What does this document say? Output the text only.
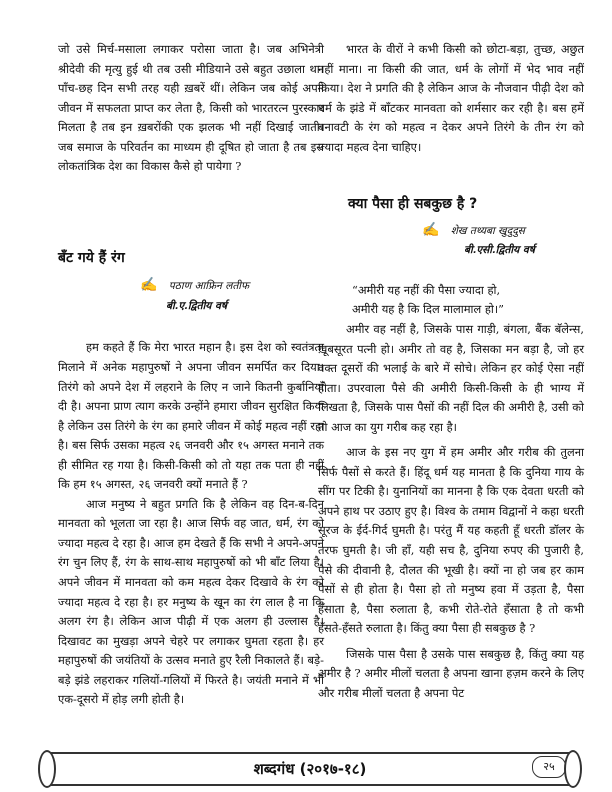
जो उसे मिर्च-मसाला लगाकर परोसा जाता है। जब अभिनेत्री श्रीदेवी की मृत्यु हुई थी तब उसी मीडियाने उसे बहुत उछाला था। पाँच-छह दिन सभी तरह यही ख़बरें थीं। लेकिन जब कोई अपने जीवन में सफलता प्राप्त कर लेता है, किसी को भारतरत्न पुरस्कार मिलता है तब इन ख़बरोंकी एक झलक भी नहीं दिखाई जाती। जब समाज के परिवर्तन का माध्यम ही दूषित हो जाता है तब इस लोकतांत्रिक देश का विकास कैसे हो पायेगा ?

बँट गये हैं रंग

✍ पठाण आफ्रिन लतीफ

बी.ए.द्वितीय वर्ष

हम कहते हैं कि मेरा भारत महान है। इस देश को स्वतंत्रता मिलाने में अनेक महापुरुषों ने अपना जीवन समर्पित कर दिया। तिरंगे को अपने देश में लहराने के लिए न जाने कितनी कुर्बानियाँ दी है। अपना प्राण त्याग करके उन्होंने हमारा जीवन सुरक्षित किया है लेकिन उस तिरंगे के रंग का हमारे जीवन में कोई महत्व नहीं रहा है। बस सिर्फ उसका महत्व २६ जनवरी और १५ अगस्त मनाने तक ही सीमित रह गया है। किसी-किसी को तो यहा तक पता ही नहीं कि हम १५ अगस्त, २६ जनवरी क्यों मनाते हैं ?

आज मनुष्य ने बहुत प्रगति कि है लेकिन वह दिन-ब-दिन मानवता को भूलता जा रहा है। आज सिर्फ वह जात, धर्म, रंग को ज्यादा महत्व दे रहा है। आज हम देखते हैं कि सभी ने अपने-अपने रंग चुन लिए हैं, रंग के साथ-साथ महापुरुषों को भी बाँट लिया है। अपने जीवन में मानवता को कम महत्व देकर दिखावे के रंग को ज्यादा महत्व दे रहा है। हर मनुष्य के खून का रंग लाल है ना कि अलग रंग है। लेकिन आज पीढ़ी में एक अलग ही उल्लास है। दिखावट का मुखड़ा अपने चेहरे पर लगाकर घुमता रहता है। हर महापुरुषों की जयंतियों के उत्सव मनाते हुए रैली निकालते हैं। बड़े-बड़े झंडे लहराकर गलियों-गलियों में फिरते है। जयंती मनाने में भी एक-दूसरो में होड़ लगी होती है।

भारत के वीरों ने कभी किसी को छोटा-बड़ा, तुच्छ, अछुत नहीं माना। ना किसी की जात, धर्म के लोगों में भेद भाव नहीं किया। देश ने प्रगति की है लेकिन आज के नौजवान पीढ़ी देश को धर्म के झंडे में बाँटकर मानवता को शर्मसार कर रही है। बस हमें बनावटी के रंग को महत्व न देकर अपने तिरंगे के तीन रंग को ज्यादा महत्व देना चाहिए।

क्या पैसा ही सबकुछ है ?

✍ शेख तथ्यबा खुदुदुस

बी.एसी.द्वितीय वर्ष

“अमीरी यह नहीं की पैसा ज्यादा हो,

अमीरी यह है कि दिल मालामाल हो।”

अमीर वह नहीं है, जिसके पास गाड़ी, बंगला, बैंक बॅलेन्स, ख़ूबसूरत पत्नी हो। अमीर तो वह है, जिसका मन बड़ा है, जो हर वक्त दूसरों की भलाई के बारे में सोचे। लेकिन हर कोई ऐसा नहीं होता। उपरवाला पैसे की अमीरी किसी-किसी के ही भाग्य में लिखता है, जिसके पास पैसों की नहीं दिल की अमीरी है, उसी को तो आज का युग गरीब कह रहा है।

आज के इस नए युग में हम अमीर और गरीब की तुलना सिर्फ पैसों से करते हैं। हिंदू धर्म यह मानता है कि दुनिया गाय के सींग पर टिकी है। युनानियों का मानना है कि एक देवता धरती को अपने हाथ पर उठाए हुए है। विश्व के तमाम विद्वानों ने कहा धरती सूरज के ईर्द-गिर्द घुमती है। परंतु मैं यह कहती हूँ धरती डॉलर के तरफ घुमती है। जी हाँ, यही सच है, दुनिया रुपए की पुजारी है, पैसे की दीवानी है, दौलत की भूखी है। क्यों ना हो जब हर काम पैसों से ही होता है। पैसा हो तो मनुष्य हवा में उड़ता है, पैसा हँसाता है, पैसा रुलाता है, कभी रोते-रोते हँसाता है तो कभी हँसते-हँसते रुलाता है। किंतु क्या पैसा ही सबकुछ है ?

जिसके पास पैसा है उसके पास सबकुछ है, किंतु क्या यह अमीर है ? अमीर मीलों चलता है अपना खाना हज़म करने के लिए और गरीब मीलों चलता है अपना पेट

शब्दगंध (२०१७-१८)	२५
